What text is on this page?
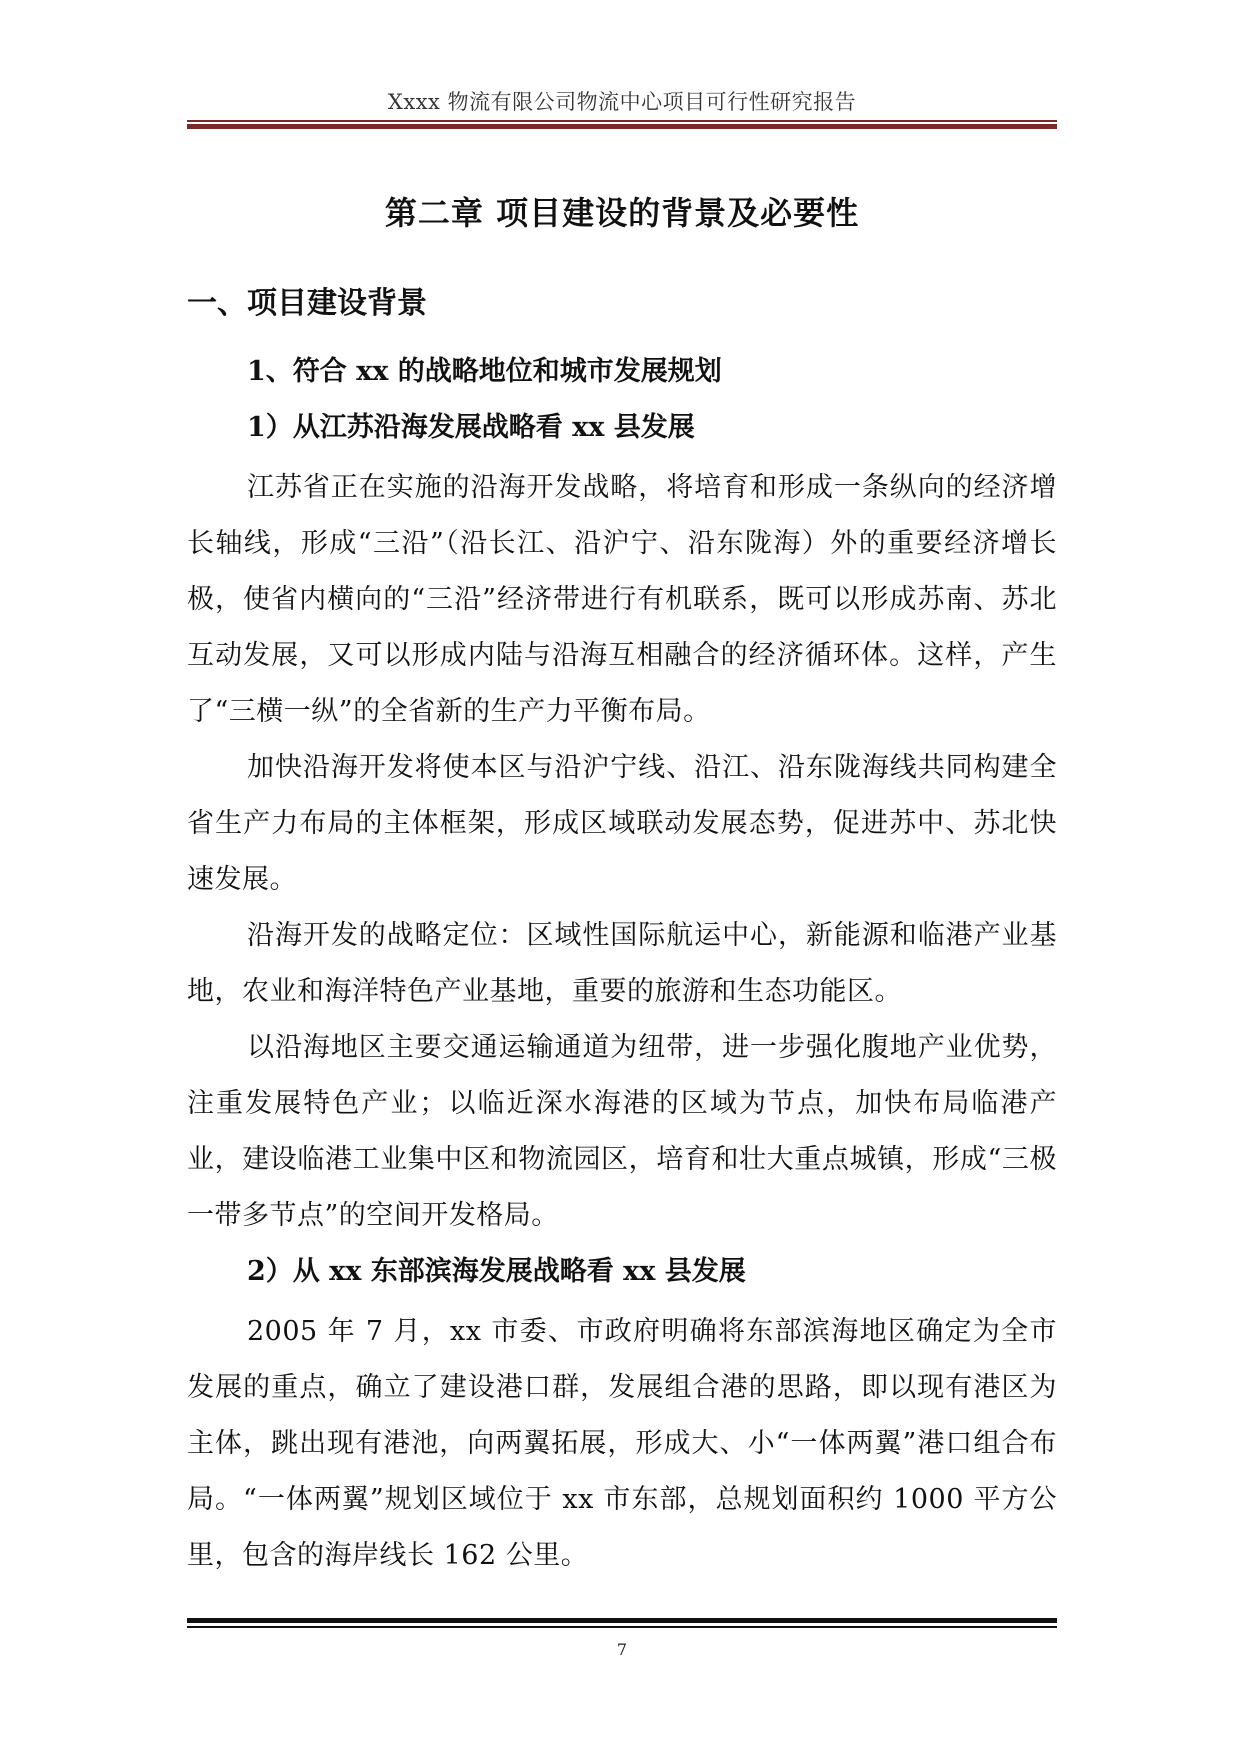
Xxxx 物流有限公司物流中心项目可行性研究报告
第二章 项目建设的背景及必要性
一、项目建设背景
1、符合 xx 的战略地位和城市发展规划
1）从江苏沿海发展战略看 xx 县发展

江苏省正在实施的沿海开发战略，将培育和形成一条纵向的经济增长轴线，形成“三沿”（沿长江、沿沪宁、沿东陇海）外的重要经济增长极，使省内横向的“三沿”经济带进行有机联系，既可以形成苏南、苏北互动发展，又可以形成内陆与沿海互相融合的经济循环体。这样，产生了“三横一纵”的全省新的生产力平衡布局。

加快沿海开发将使本区与沿沪宁线、沿江、沿东陇海线共同构建全省生产力布局的主体框架，形成区域联动发展态势，促进苏中、苏北快速发展。

沿海开发的战略定位：区域性国际航运中心，新能源和临港产业基地，农业和海洋特色产业基地，重要的旅游和生态功能区。

以沿海地区主要交通运输通道为纽带，进一步强化腹地产业优势，注重发展特色产业；以临近深水海港的区域为节点，加快布局临港产业，建设临港工业集中区和物流园区，培育和壮大重点城镇，形成“三极一带多节点”的空间开发格局。

2）从 xx 东部滨海发展战略看 xx 县发展

2005 年 7 月，xx 市委、市政府明确将东部滨海地区确定为全市发展的重点，确立了建设港口群，发展组合港的思路，即以现有港区为主体，跳出现有港池，向两翼拓展，形成大、小“一体两翼”港口组合布局。“一体两翼”规划区域位于 xx 市东部，总规划面积约 1000 平方公里，包含的海岸线长 162 公里。

7
